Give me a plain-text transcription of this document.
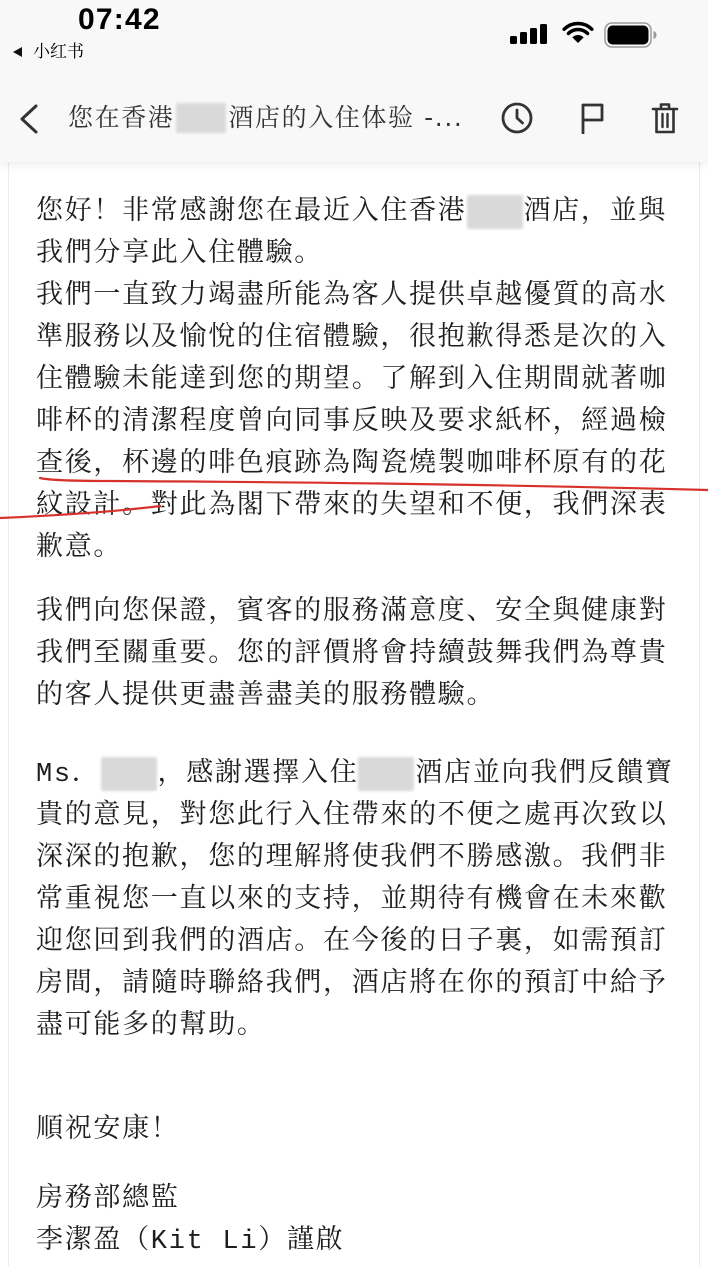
07:42
小红书
您在香港 酒店的入住体验 -...
您好！非常感謝您在最近入住香港 酒店，並與
我們分享此入住體驗。
我們一直致力竭盡所能為客人提供卓越優質的高水
準服務以及愉悅的住宿體驗，很抱歉得悉是次的入
住體驗未能達到您的期望。了解到入住期間就著咖
啡杯的清潔程度曾向同事反映及要求紙杯，經過檢
查後，杯邊的啡色痕跡為陶瓷燒製咖啡杯原有的花
紋設計。對此為閣下帶來的失望和不便，我們深表
歉意。
我們向您保證，賓客的服務滿意度、安全與健康對
我們至關重要。您的評價將會持續鼓舞我們為尊貴
的客人提供更盡善盡美的服務體驗。
Ms． ，感謝選擇入住 酒店並向我們反饋寶
貴的意見，對您此行入住帶來的不便之處再次致以
深深的抱歉，您的理解將使我們不勝感激。我們非
常重視您一直以來的支持，並期待有機會在未來歡
迎您回到我們的酒店。在今後的日子裏，如需預訂
房間，請隨時聯絡我們，酒店將在你的預訂中給予
盡可能多的幫助。
順祝安康！
房務部總監
李潔盈（Kit Li）謹啟
